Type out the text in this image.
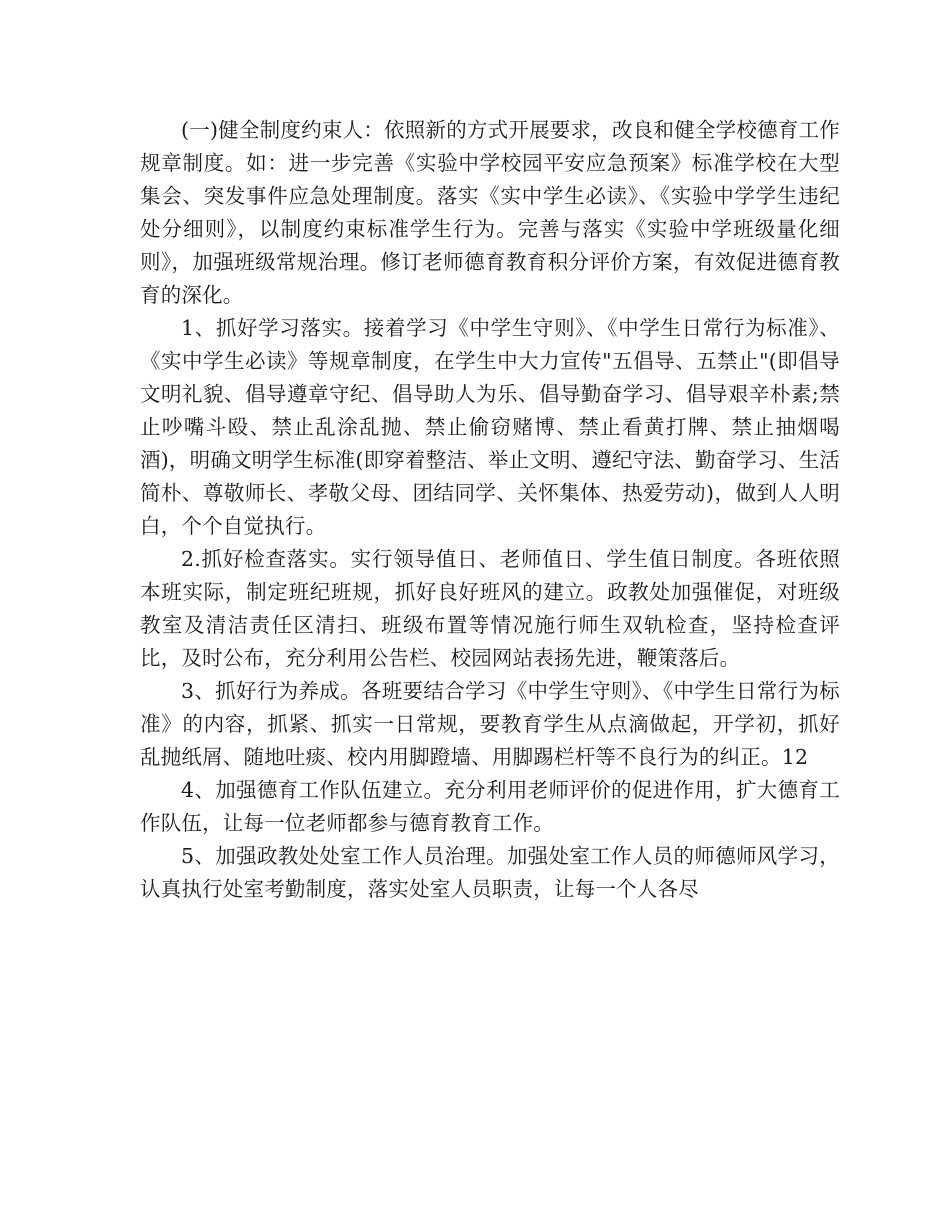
(一)健全制度约束人：依照新的方式开展要求，改良和健全学校德育工作规章制度。如：进一步完善《实验中学校园平安应急预案》标准学校在大型集会、突发事件应急处理制度。落实《实中学生必读》、《实验中学学生违纪处分细则》，以制度约束标准学生行为。完善与落实《实验中学班级量化细则》，加强班级常规治理。修订老师德育教育积分评价方案，有效促进德育教育的深化。

1、抓好学习落实。接着学习《中学生守则》、《中学生日常行为标准》、《实中学生必读》等规章制度，在学生中大力宣传"五倡导、五禁止"(即倡导文明礼貌、倡导遵章守纪、倡导助人为乐、倡导勤奋学习、倡导艰辛朴素;禁止吵嘴斗殴、禁止乱涂乱抛、禁止偷窃赌博、禁止看黄打牌、禁止抽烟喝酒)，明确文明学生标准(即穿着整洁、举止文明、遵纪守法、勤奋学习、生活简朴、尊敬师长、孝敬父母、团结同学、关怀集体、热爱劳动)，做到人人明白，个个自觉执行。

2.抓好检查落实。实行领导值日、老师值日、学生值日制度。各班依照本班实际，制定班纪班规，抓好良好班风的建立。政教处加强催促，对班级教室及清洁责任区清扫、班级布置等情况施行师生双轨检查，坚持检查评比，及时公布，充分利用公告栏、校园网站表扬先进，鞭策落后。

3、抓好行为养成。各班要结合学习《中学生守则》、《中学生日常行为标准》的内容，抓紧、抓实一日常规，要教育学生从点滴做起，开学初，抓好乱抛纸屑、随地吐痰、校内用脚蹬墙、用脚踢栏杆等不良行为的纠正。12

4、加强德育工作队伍建立。充分利用老师评价的促进作用，扩大德育工作队伍，让每一位老师都参与德育教育工作。

5、加强政教处处室工作人员治理。加强处室工作人员的师德师风学习，认真执行处室考勤制度，落实处室人员职责，让每一个人各尽
